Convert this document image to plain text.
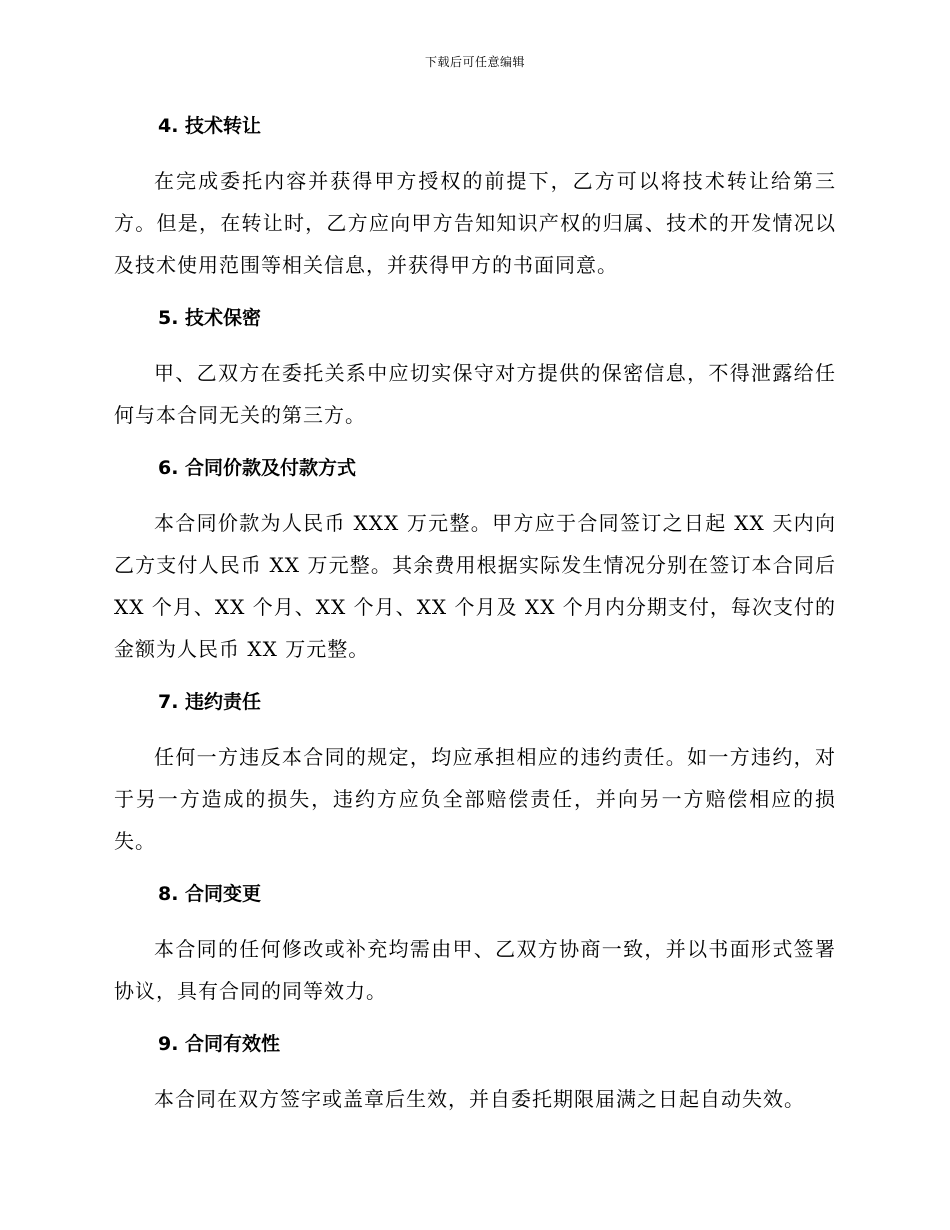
下载后可任意编辑
4. 技术转让

在完成委托内容并获得甲方授权的前提下，乙方可以将技术转让给第三方。但是，在转让时，乙方应向甲方告知知识产权的归属、技术的开发情况以及技术使用范围等相关信息，并获得甲方的书面同意。

5. 技术保密

甲、乙双方在委托关系中应切实保守对方提供的保密信息，不得泄露给任何与本合同无关的第三方。

6. 合同价款及付款方式

本合同价款为人民币 XXX 万元整。甲方应于合同签订之日起 XX 天内向乙方支付人民币 XX 万元整。其余费用根据实际发生情况分别在签订本合同后 XX 个月、XX 个月、XX 个月、XX 个月及 XX 个月内分期支付，每次支付的金额为人民币 XX 万元整。

7. 违约责任

任何一方违反本合同的规定，均应承担相应的违约责任。如一方违约，对于另一方造成的损失，违约方应负全部赔偿责任，并向另一方赔偿相应的损失。

8. 合同变更

本合同的任何修改或补充均需由甲、乙双方协商一致，并以书面形式签署协议，具有合同的同等效力。

9. 合同有效性

本合同在双方签字或盖章后生效，并自委托期限届满之日起自动失效。
